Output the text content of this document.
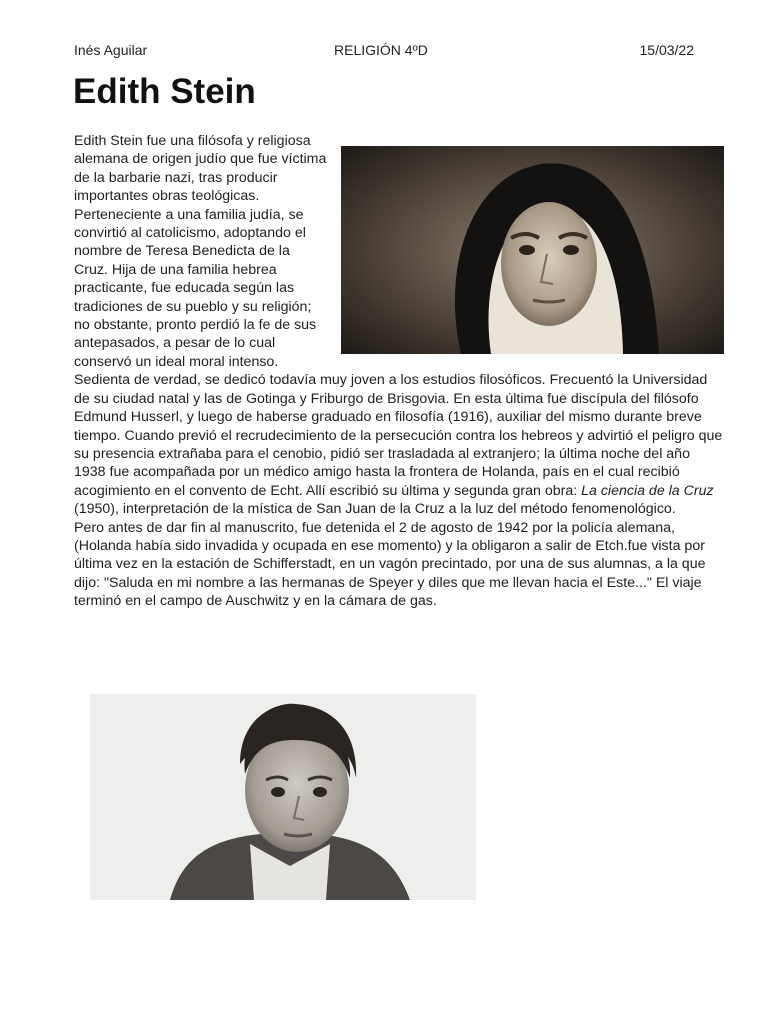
Inés Aguilar	RELIGIÓN 4ºD	15/03/22
Edith Stein

Edith Stein fue una filósofa y religiosa alemana de origen judío que fue víctima de la barbarie nazi, tras producir importantes obras teológicas. Perteneciente a una familia judía, se convirtió al catolicismo, adoptando el nombre de Teresa Benedicta de la Cruz. Hija de una familia hebrea practicante, fue educada según las tradiciones de su pueblo y su religión; no obstante, pronto perdió la fe de sus antepasados, a pesar de lo cual conservó un ideal moral intenso. Sedienta de verdad, se dedicó todavía muy joven a los estudios filosóficos. Frecuentó la Universidad de su ciudad natal y las de Gotinga y Friburgo de Brisgovia. En esta última fue discípula del filósofo Edmund Husserl, y luego de haberse graduado en filosofía (1916), auxiliar del mismo durante breve tiempo. Cuando previó el recrudecimiento de la persecución contra los hebreos y advirtió el peligro que su presencia extrañaba para el cenobio, pidió ser trasladada al extranjero; la última noche del año 1938 fue acompañada por un médico amigo hasta la frontera de Holanda, país en el cual recibió acogimiento en el convento de Echt. Allí escribió su última y segunda gran obra: La ciencia de la Cruz (1950), interpretación de la mística de San Juan de la Cruz a la luz del método fenomenológico.

Pero antes de dar fin al manuscrito, fue detenida el 2 de agosto de 1942 por la policía alemana, (Holanda había sido invadida y ocupada en ese momento) y la obligaron a salir de Etch.fue vista por última vez en la estación de Schifferstadt, en un vagón precintado, por una de sus alumnas, a la que dijo: "Saluda en mi nombre a las hermanas de Speyer y diles que me llevan hacia el Este..." El viaje terminó en el campo de Auschwitz y en la cámara de gas.
